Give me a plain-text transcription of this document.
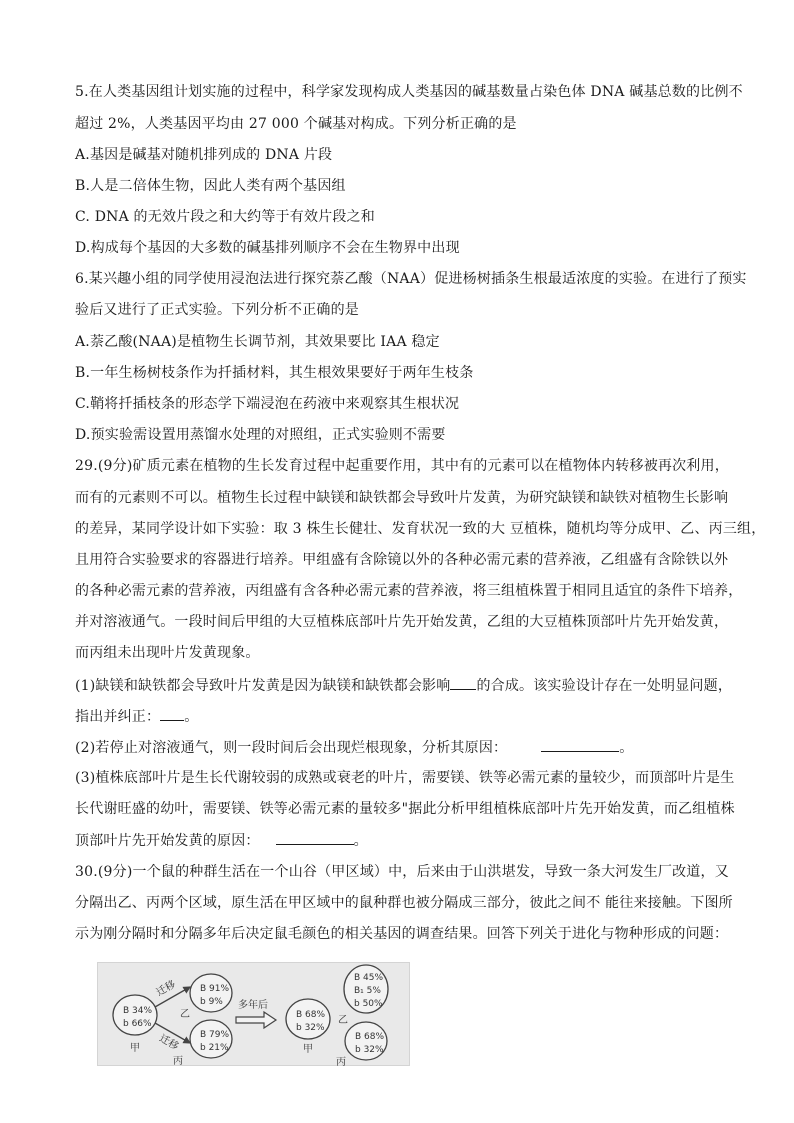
5.在人类基因组计划实施的过程中，科学家发现构成人类基因的碱基数量占染色体 DNA 碱基总数的比例不
超过 2%，人类基因平均由 27 000 个碱基对构成。下列分析正确的是
A.基因是碱基对随机排列成的 DNA 片段
B.人是二倍体生物，因此人类有两个基因组
C. DNA 的无效片段之和大约等于有效片段之和
D.构成每个基因的大多数的碱基排列顺序不会在生物界中出现
6.某兴趣小组的同学使用浸泡法进行探究萘乙酸（NAA）促进杨树插条生根最适浓度的实验。在进行了预实
验后又进行了正式实验。下列分析不正确的是
A.萘乙酸(NAA)是植物生长调节剂，其效果要比 IAA 稳定
B.一年生杨树枝条作为扦插材料，其生根效果要好于两年生枝条
C.鞘将扦插枝条的形态学下端浸泡在药液中来观察其生根状况
D.预实验需设置用蒸馏水处理的对照组，正式实验则不需要
29.(9分)矿质元素在植物的生长发育过程中起重要作用，其中有的元素可以在植物体内转移被再次利用，
而有的元素则不可以。植物生长过程中缺镁和缺铁都会导致叶片发黄，为研究缺镁和缺铁对植物生长影响
的差异，某同学设计如下实验：取 3 株生长健壮、发育状况一致的大 豆植株，随机均等分成甲、乙、丙三组，
且用符合实验要求的容器进行培养。甲组盛有含除镜以外的各种必需元素的营养液，乙组盛有含除铁以外
的各种必需元素的营养液，丙组盛有含各种必需元素的营养液，将三组植株置于相同且适宜的条件下培养，
并对溶液通气。一段时间后甲组的大豆植株底部叶片先开始发黄，乙组的大豆植株顶部叶片先开始发黄，
而丙组未出现叶片发黄现象。
(1)缺镁和缺铁都会导致叶片发黄是因为缺镁和缺铁都会影响 的合成。该实验设计存在一处明显问题，
指出并纠正： 。
(2)若停止对溶液通气，则一段时间后会出现烂根现象，分析其原因：	。
(3)植株底部叶片是生长代谢较弱的成熟或衰老的叶片，需要镁、铁等必需元素的量较少，而顶部叶片是生
长代谢旺盛的幼叶，需要镁、铁等必需元素的量较多"据此分析甲组植株底部叶片先开始发黄，而乙组植株
顶部叶片先开始发黄的原因：	。
30.(9分)一个鼠的种群生活在一个山谷（甲区域）中，后来由于山洪堪发，导致一条大河发生厂改道，又
分隔出乙、丙两个区域，原生活在甲区域中的鼠种群也被分隔成三部分，彼此之间不 能往来接触。下图所
示为刚分隔时和分隔多年后决定鼠毛颜色的相关基因的调查结果。回答下列关于进化与物种形成的问题：
B 34%
b 66%
甲
迁移
迁移
B 91%
b 9%
乙
B 79%
b 21%
丙
多年后
B 68%
b 32%
甲
B 45%
B₁ 5%
b 50%
乙
B 68%
b 32%
丙
